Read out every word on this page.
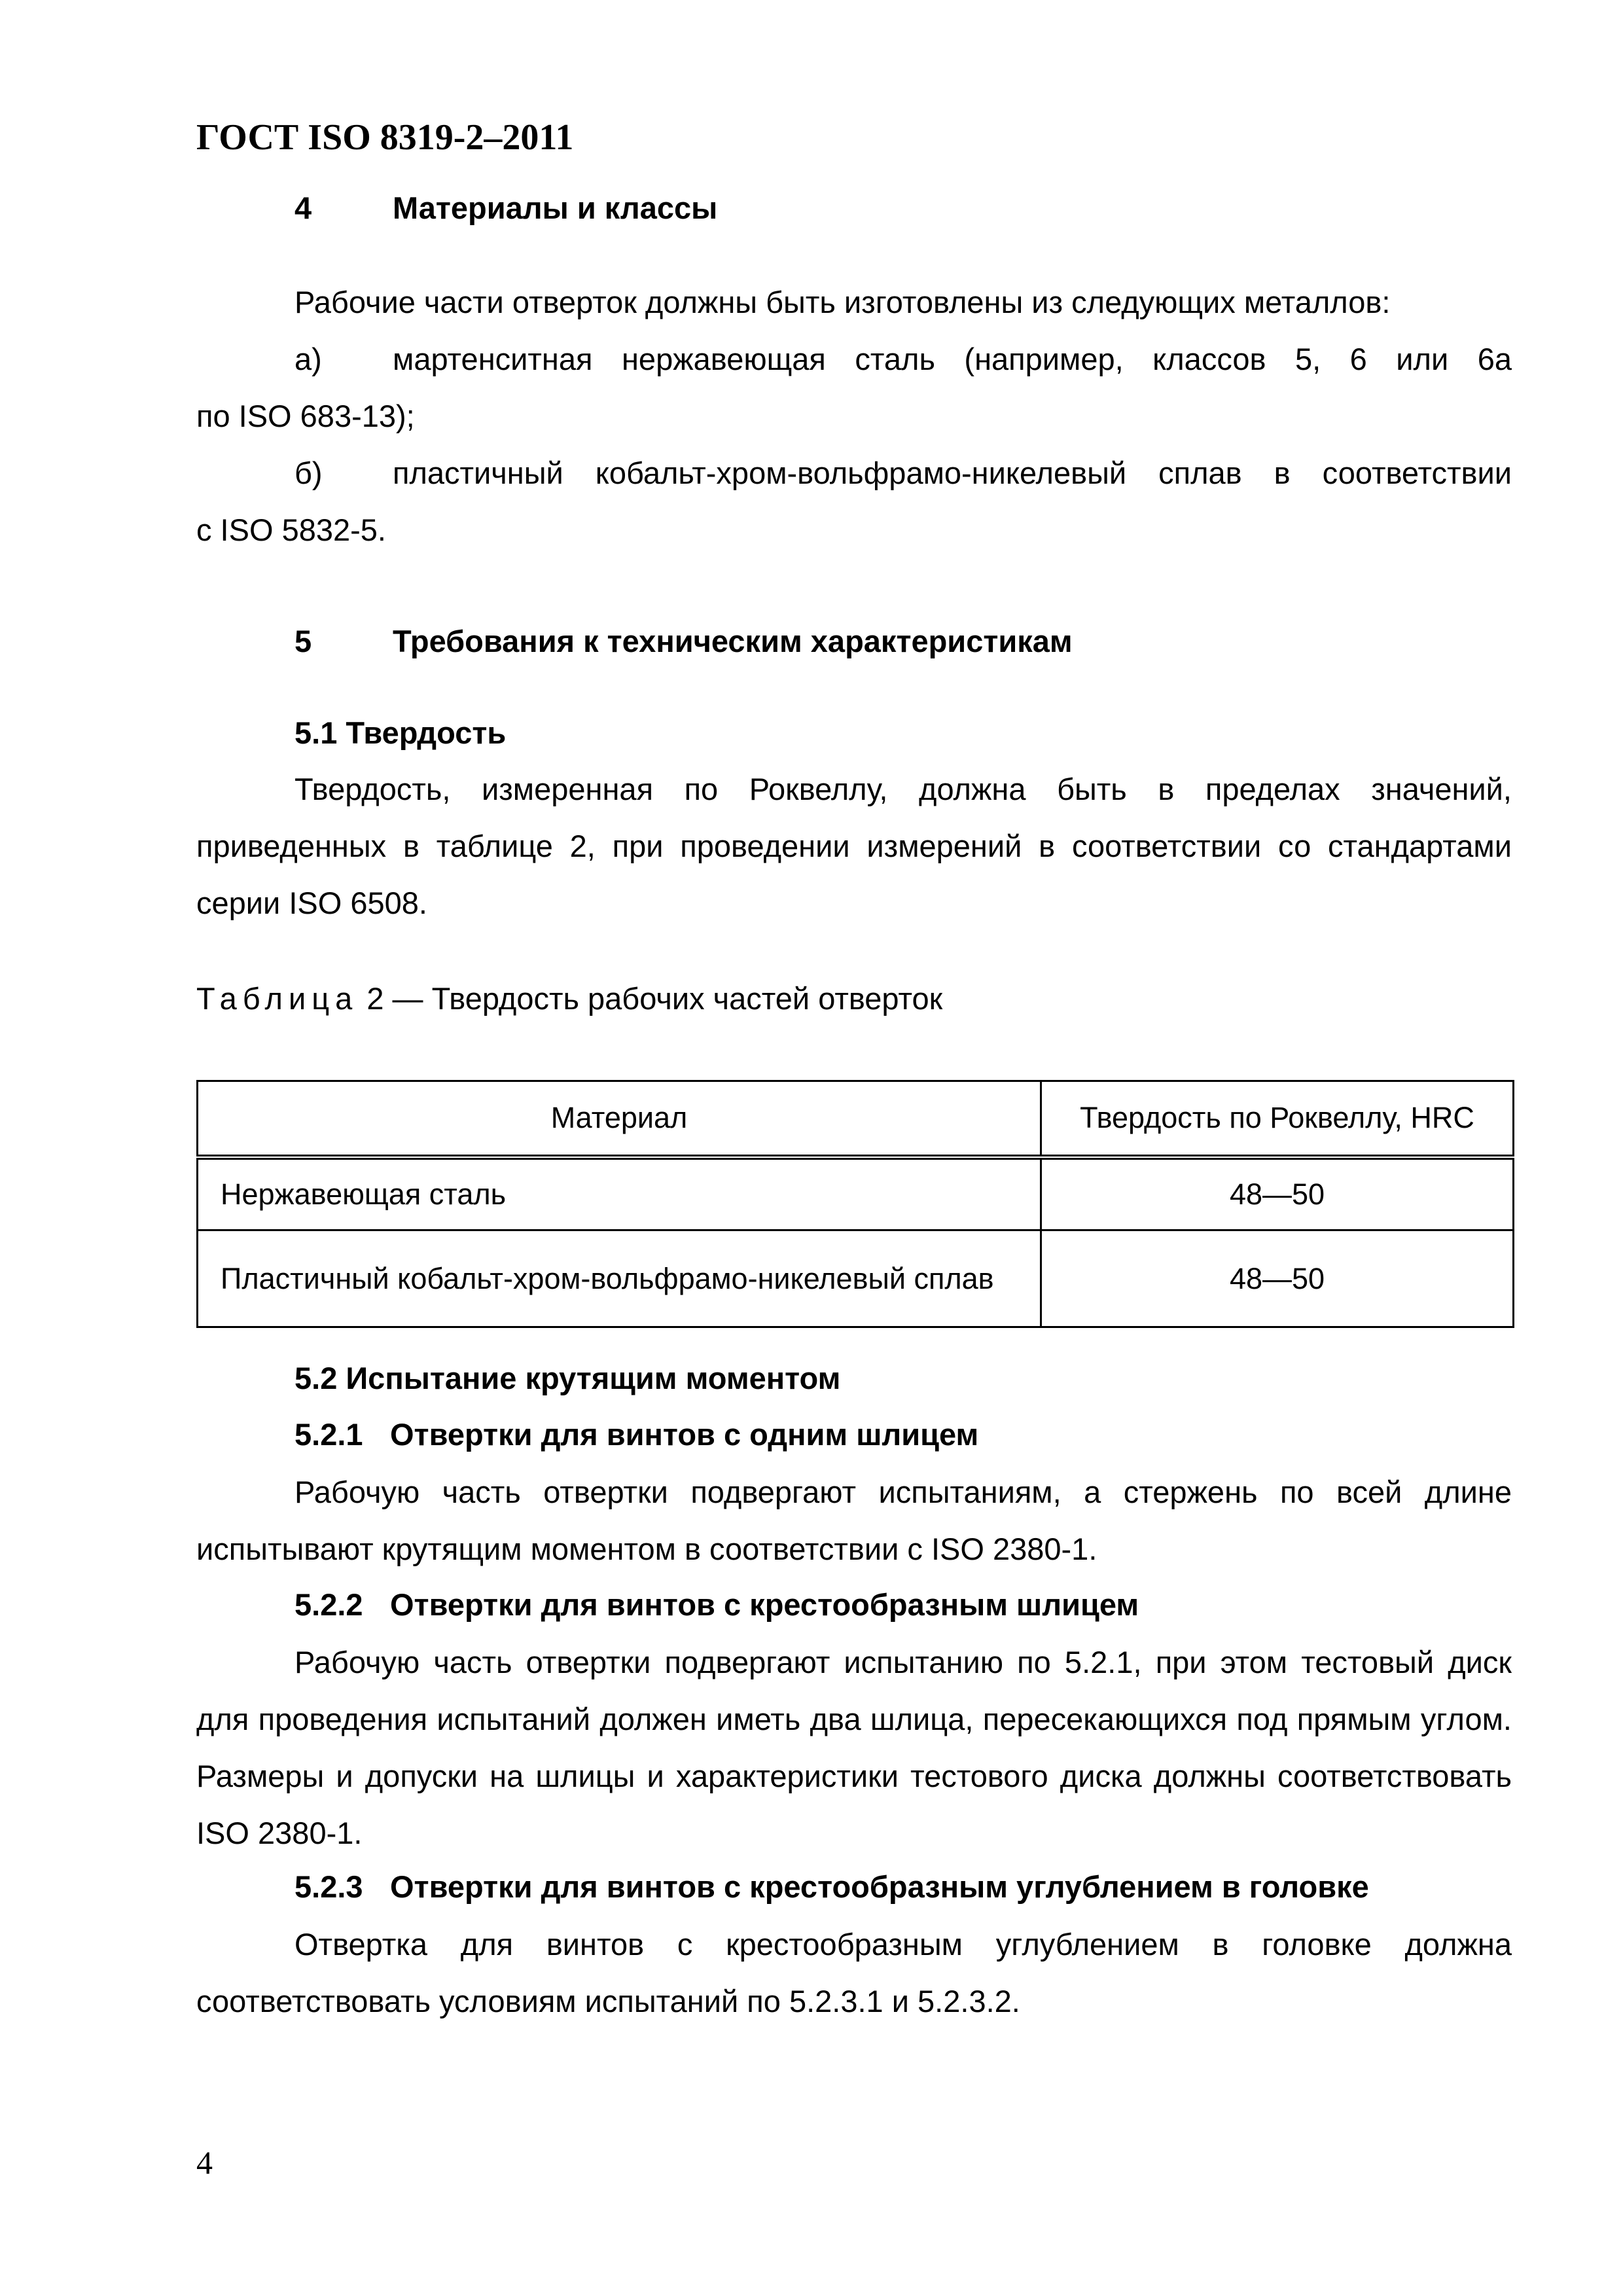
ГОСТ ISO 8319-2–2011
4	Материалы и классы
Рабочие части отверток должны быть изготовлены из следующих металлов:
а)	мартенситная нержавеющая сталь (например, классов 5, 6 или 6а
по ISO 683-13);
б)	пластичный кобальт-хром-вольфрамо-никелевый сплав в соответствии
с ISO 5832-5.
5	Требования к техническим характеристикам
5.1 Твердость
Твердость, измеренная по Роквеллу, должна быть в пределах значений, приведенных в таблице 2, при проведении измерений в соответствии со стандартами серии ISO 6508.
Таблица 2 — Твердость рабочих частей отверток
Материал	Твердость по Роквеллу, HRC
Нержавеющая сталь	48—50
Пластичный кобальт-хром-вольфрамо-никелевый сплав	48—50
5.2 Испытание крутящим моментом
5.2.1 Отвертки для винтов с одним шлицем
Рабочую часть отвертки подвергают испытаниям, а стержень по всей длине испытывают крутящим моментом в соответствии с ISO 2380-1.
5.2.2 Отвертки для винтов с крестообразным шлицем
Рабочую часть отвертки подвергают испытанию по 5.2.1, при этом тестовый диск для проведения испытаний должен иметь два шлица, пересекающихся под прямым углом. Размеры и допуски на шлицы и характеристики тестового диска должны соответствовать ISO 2380-1.
5.2.3 Отвертки для винтов с крестообразным углублением в головке
Отвертка для винтов с крестообразным углублением в головке должна соответствовать условиям испытаний по 5.2.3.1 и 5.2.3.2.
4
